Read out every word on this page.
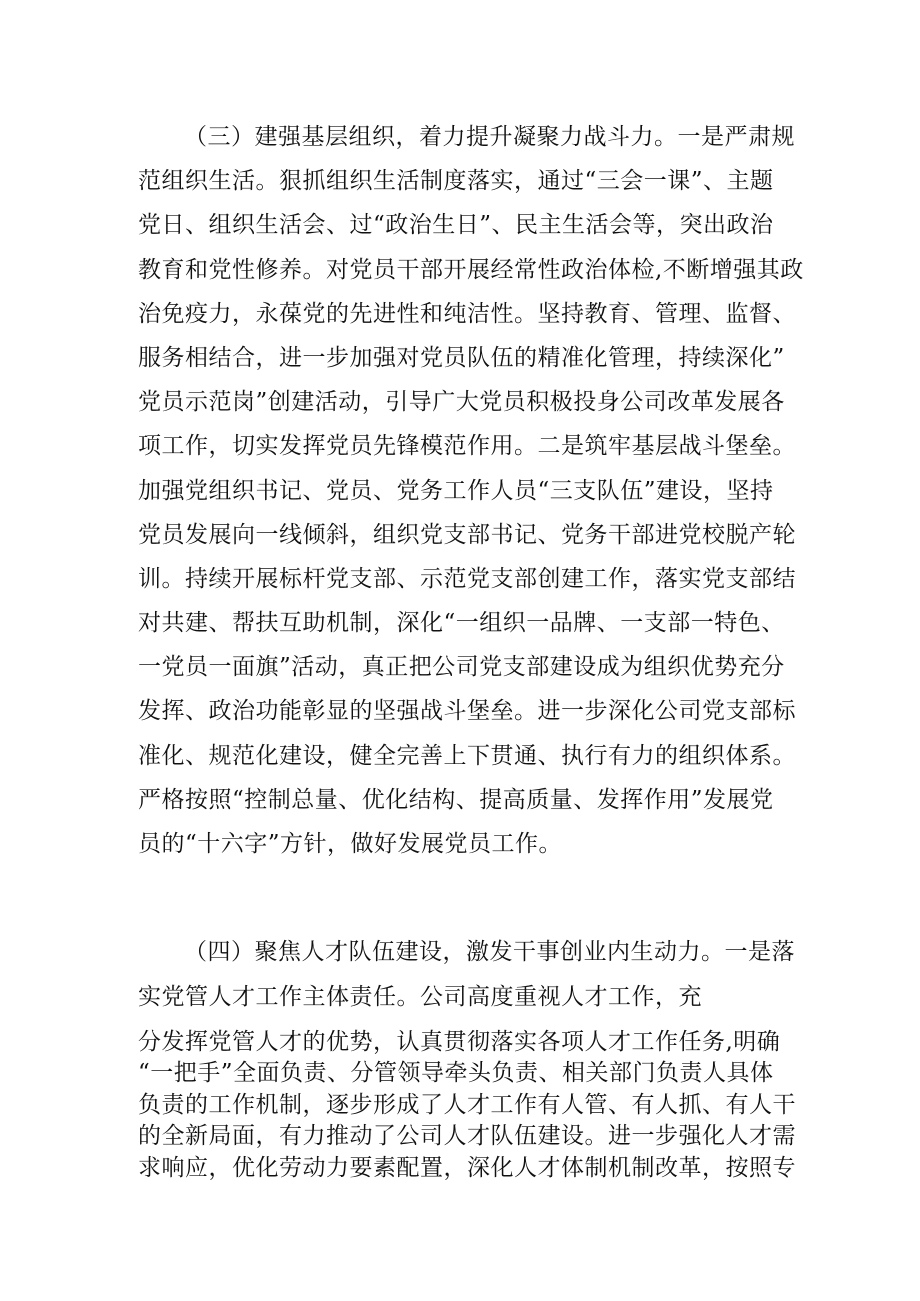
（三）建强基层组织，着力提升凝聚力战斗力。一是严肃规
范组织生活。狠抓组织生活制度落实，通过“三会一课”、主题
党日、组织生活会、过“政治生日”、民主生活会等，突出政治
教育和党性修养。对党员干部开展经常性政治体检,不断增强其政
治免疫力，永葆党的先进性和纯洁性。坚持教育、管理、监督、
服务相结合，进一步加强对党员队伍的精准化管理，持续深化”
党员示范岗”创建活动，引导广大党员积极投身公司改革发展各
项工作，切实发挥党员先锋模范作用。二是筑牢基层战斗堡垒。
加强党组织书记、党员、党务工作人员“三支队伍”建设，坚持
党员发展向一线倾斜，组织党支部书记、党务干部进党校脱产轮
训。持续开展标杆党支部、示范党支部创建工作，落实党支部结
对共建、帮扶互助机制，深化“一组织一品牌、一支部一特色、
一党员一面旗”活动，真正把公司党支部建设成为组织优势充分
发挥、政治功能彰显的坚强战斗堡垒。进一步深化公司党支部标
准化、规范化建设，健全完善上下贯通、执行有力的组织体系。
严格按照“控制总量、优化结构、提高质量、发挥作用”发展党
员的“十六字”方针，做好发展党员工作。
（四）聚焦人才队伍建设，激发干事创业内生动力。一是落
实党管人才工作主体责任。公司高度重视人才工作，充
分发挥党管人才的优势，认真贯彻落实各项人才工作任务,明确
“一把手”全面负责、分管领导牵头负责、相关部门负责人具体
负责的工作机制，逐步形成了人才工作有人管、有人抓、有人干
的全新局面，有力推动了公司人才队伍建设。进一步强化人才需
求响应，优化劳动力要素配置，深化人才体制机制改革，按照专
